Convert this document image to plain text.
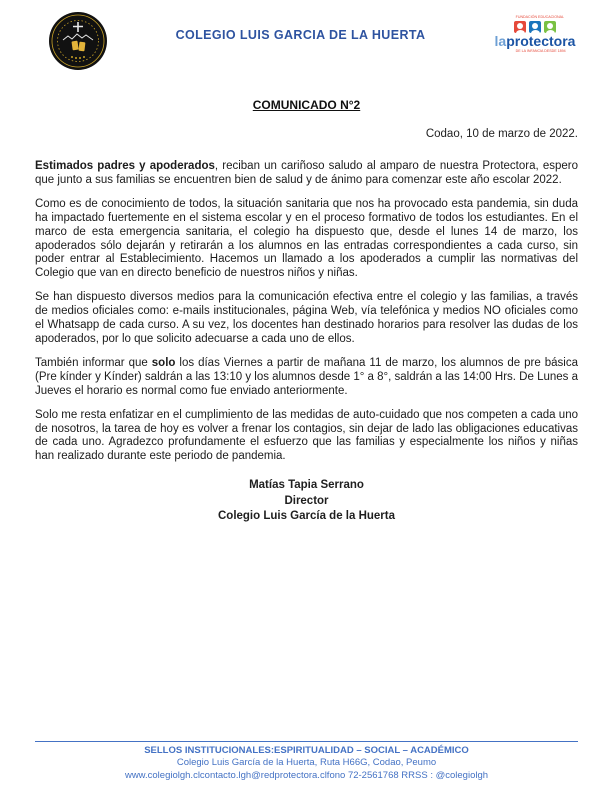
COLEGIO LUIS GARCIA DE LA HUERTA
FUNDACIÓN EDUCACIONAL
laprotectora
DE LA INFANCIA DESDE 1894
COMUNICADO N°2
Codao, 10 de marzo de 2022.

Estimados padres y apoderados, reciban un cariñoso saludo al amparo de nuestra Protectora, espero que junto a sus familias se encuentren bien de salud y de ánimo para comenzar este año escolar 2022.

Como es de conocimiento de todos, la situación sanitaria que nos ha provocado esta pandemia, sin duda ha impactado fuertemente en el sistema escolar y en el proceso formativo de todos los estudiantes. En el marco de esta emergencia sanitaria, el colegio ha dispuesto que, desde el lunes 14 de marzo, los apoderados sólo dejarán y retirarán a los alumnos en las entradas correspondientes a cada curso, sin poder entrar al Establecimiento. Hacemos un llamado a los apoderados a cumplir las normativas del Colegio que van en directo beneficio de nuestros niños y niñas.

Se han dispuesto diversos medios para la comunicación efectiva entre el colegio y las familias, a través de medios oficiales como: e-mails institucionales, página Web, vía telefónica y medios NO oficiales como el Whatsapp de cada curso. A su vez, los docentes han destinado horarios para resolver las dudas de los apoderados, por lo que solicito adecuarse a cada uno de ellos.

También informar que solo los días Viernes a partir de mañana 11 de marzo, los alumnos de pre básica (Pre kínder y Kínder) saldrán a las 13:10 y los alumnos desde 1° a 8°, saldrán a las 14:00 Hrs. De Lunes a Jueves el horario es normal como fue enviado anteriormente.

Solo me resta enfatizar en el cumplimiento de las medidas de auto-cuidado que nos competen a cada uno de nosotros, la tarea de hoy es volver a frenar los contagios, sin dejar de lado las obligaciones educativas de cada uno. Agradezco profundamente el esfuerzo que las familias y especialmente los niños y niñas han realizado durante este periodo de pandemia.

Matías Tapia Serrano
Director
Colegio Luis García de la Huerta
SELLOS INSTITUCIONALES:ESPIRITUALIDAD – SOCIAL – ACADÉMICO
Colegio Luis García de la Huerta, Ruta H66G, Codao, Peumo
www.colegiolgh.clcontacto.lgh@redprotectora.clfono 72-2561768 RRSS : @colegiolgh
